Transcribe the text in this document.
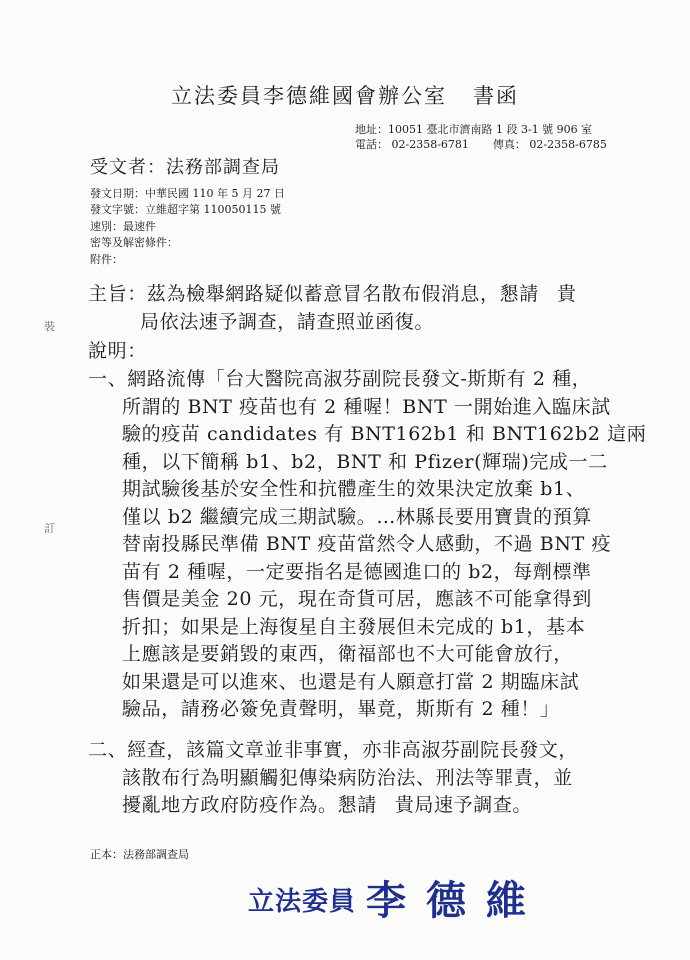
立法委員李德維國會辦公室 書函
地址：10051 臺北市濟南路 1 段 3-1 號 906 室
電話： 02-2358-6781 傳真： 02-2358-6785
受文者：法務部調查局
發文日期：中華民國 110 年 5 月 27 日
發文字號：立維超字第 110050115 號
速別：最速件
密等及解密條件：
附件：
裝
訂
主旨：茲為檢舉網路疑似蓄意冒名散布假消息，懇請 貴
局依法速予調查，請查照並函復。
說明：
一、網路流傳「台大醫院高淑芬副院長發文-斯斯有 2 種，
所謂的 BNT 疫苗也有 2 種喔！BNT 一開始進入臨床試
驗的疫苗 candidates 有 BNT162b1 和 BNT162b2 這兩
種，以下簡稱 b1、b2，BNT 和 Pfizer(輝瑞)完成一二
期試驗後基於安全性和抗體產生的效果決定放棄 b1、
僅以 b2 繼續完成三期試驗。…林縣長要用寶貴的預算
替南投縣民準備 BNT 疫苗當然令人感動，不過 BNT 疫
苗有 2 種喔，一定要指名是德國進口的 b2，每劑標準
售價是美金 20 元，現在奇貨可居，應該不可能拿得到
折扣；如果是上海復星自主發展但未完成的 b1，基本
上應該是要銷毀的東西，衛福部也不大可能會放行，
如果還是可以進來、也還是有人願意打當 2 期臨床試
驗品，請務必簽免責聲明，畢竟，斯斯有 2 種！」
二、經查，該篇文章並非事實，亦非高淑芬副院長發文，
該散布行為明顯觸犯傳染病防治法、刑法等罪責，並
擾亂地方政府防疫作為。懇請 貴局速予調查。
正本：法務部調查局
立法委員 李德維
